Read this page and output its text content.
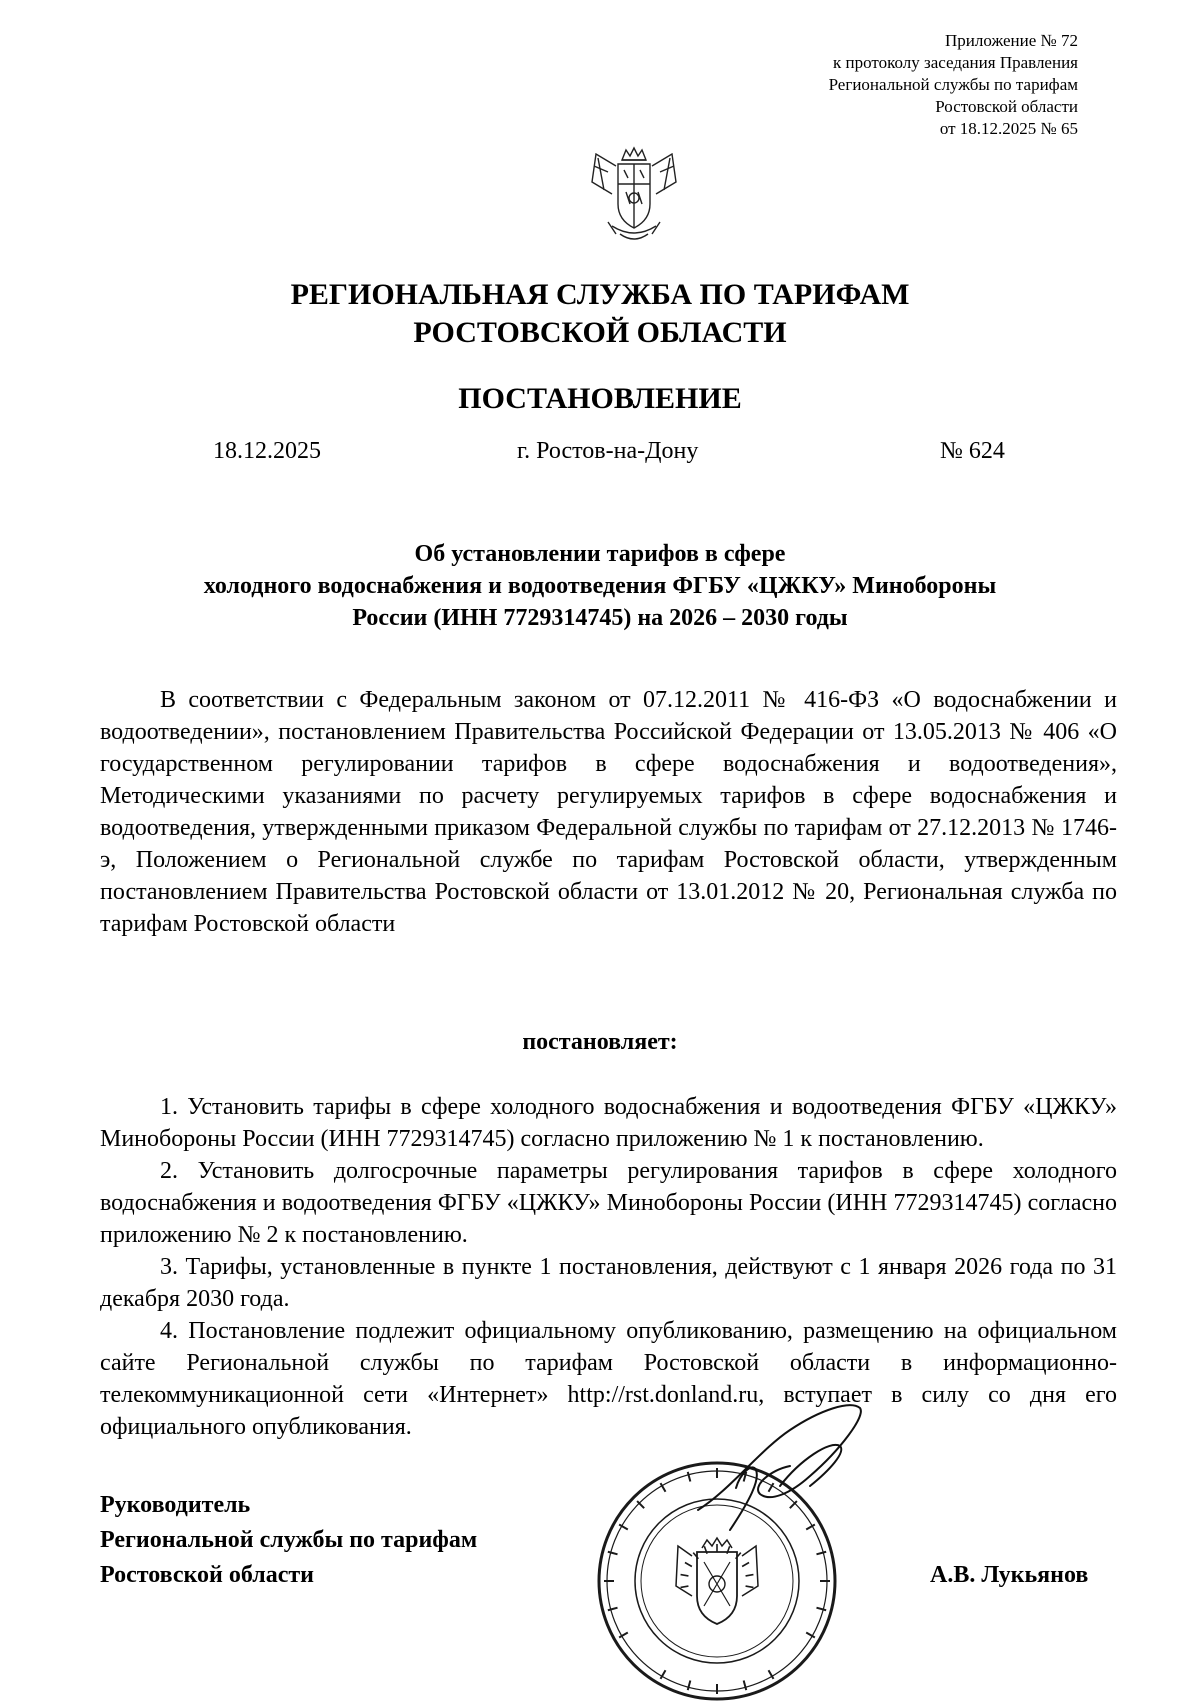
Приложение № 72
к протоколу заседания Правления
Региональной службы по тарифам
Ростовской области
от 18.12.2025 № 65
РЕГИОНАЛЬНАЯ СЛУЖБА ПО ТАРИФАМ
РОСТОВСКОЙ ОБЛАСТИ
ПОСТАНОВЛЕНИЕ
18.12.2025	г. Ростов-на-Дону	№ 624
Об установлении тарифов в сфере
холодного водоснабжения и водоотведения ФГБУ «ЦЖКУ» Минобороны
России (ИНН 7729314745) на 2026 – 2030 годы

В соответствии с Федеральным законом от 07.12.2011 № 416-ФЗ «О водоснабжении и водоотведении», постановлением Правительства Российской Федерации от 13.05.2013 № 406 «О государственном регулировании тарифов в сфере водоснабжения и водоотведения», Методическими указаниями по расчету регулируемых тарифов в сфере водоснабжения и водоотведения, утвержденными приказом Федеральной службы по тарифам от 27.12.2013 № 1746-э, Положением о Региональной службе по тарифам Ростовской области, утвержденным постановлением Правительства Ростовской области от 13.01.2012 № 20, Региональная служба по тарифам Ростовской области

постановляет:

1. Установить тарифы в сфере холодного водоснабжения и водоотведения ФГБУ «ЦЖКУ» Минобороны России (ИНН 7729314745) согласно приложению № 1 к постановлению.

2. Установить долгосрочные параметры регулирования тарифов в сфере холодного водоснабжения и водоотведения ФГБУ «ЦЖКУ» Минобороны России (ИНН 7729314745) согласно приложению № 2 к постановлению.

3. Тарифы, установленные в пункте 1 постановления, действуют с 1 января 2026 года по 31 декабря 2030 года.

4. Постановление подлежит официальному опубликованию, размещению на официальном сайте Региональной службы по тарифам Ростовской области в информационно-телекоммуникационной сети «Интернет» http://rst.donland.ru, вступает в силу со дня его официального опубликования.

Руководитель
Региональной службы по тарифам
Ростовской области	А.В. Лукьянов
